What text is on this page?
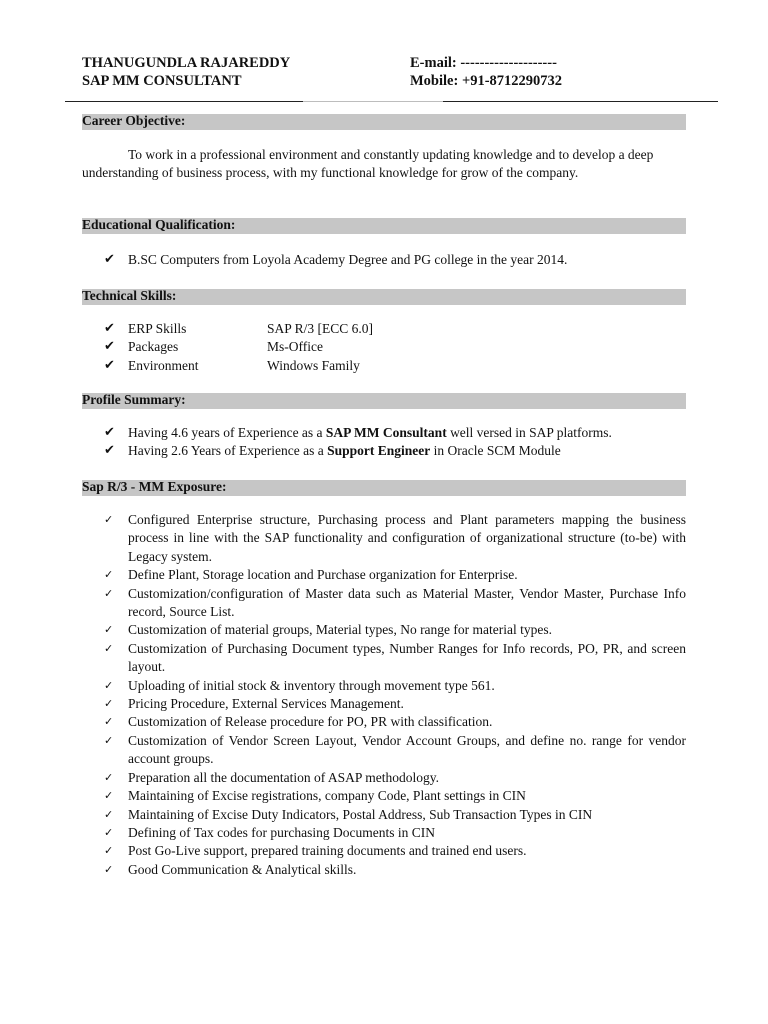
THANUGUNDLA RAJAREDDY
SAP MM CONSULTANT
E-mail: --------------------
Mobile: +91-8712290732
Career Objective:
To work in a professional environment and constantly updating knowledge and to develop a deep understanding of business process, with my functional knowledge for grow of the company.
Educational Qualification:
✔ B.SC Computers from Loyola Academy Degree and PG college in the year 2014.
Technical Skills:
✔ ERP Skills	SAP R/3 [ECC 6.0]
✔ Packages	Ms-Office
✔ Environment	Windows Family
Profile Summary:
✔ Having 4.6 years of Experience as a SAP MM Consultant well versed in SAP platforms.
✔ Having 2.6 Years of Experience as a Support Engineer in Oracle SCM Module
Sap R/3 - MM Exposure:
✓	Configured Enterprise structure, Purchasing process and Plant parameters mapping the business process in line with the SAP functionality and configuration of organizational structure (to-be) with Legacy system.
✓	Define Plant, Storage location and Purchase organization for Enterprise.
✓	Customization/configuration of Master data such as Material Master, Vendor Master, Purchase Info record, Source List.
✓	Customization of material groups, Material types, No range for material types.
✓	Customization of Purchasing Document types, Number Ranges for Info records, PO, PR, and screen layout.
✓	Uploading of initial stock & inventory through movement type 561.
✓	Pricing Procedure, External Services Management.
✓	Customization of Release procedure for PO, PR with classification.
✓	Customization of Vendor Screen Layout, Vendor Account Groups, and define no. range for vendor account groups.
✓	Preparation all the documentation of ASAP methodology.
✓	Maintaining of Excise registrations, company Code, Plant settings in CIN
✓	Maintaining of Excise Duty Indicators, Postal Address, Sub Transaction Types in CIN
✓	Defining of Tax codes for purchasing Documents in CIN
✓	Post Go-Live support, prepared training documents and trained end users.
✓	Good Communication & Analytical skills.
